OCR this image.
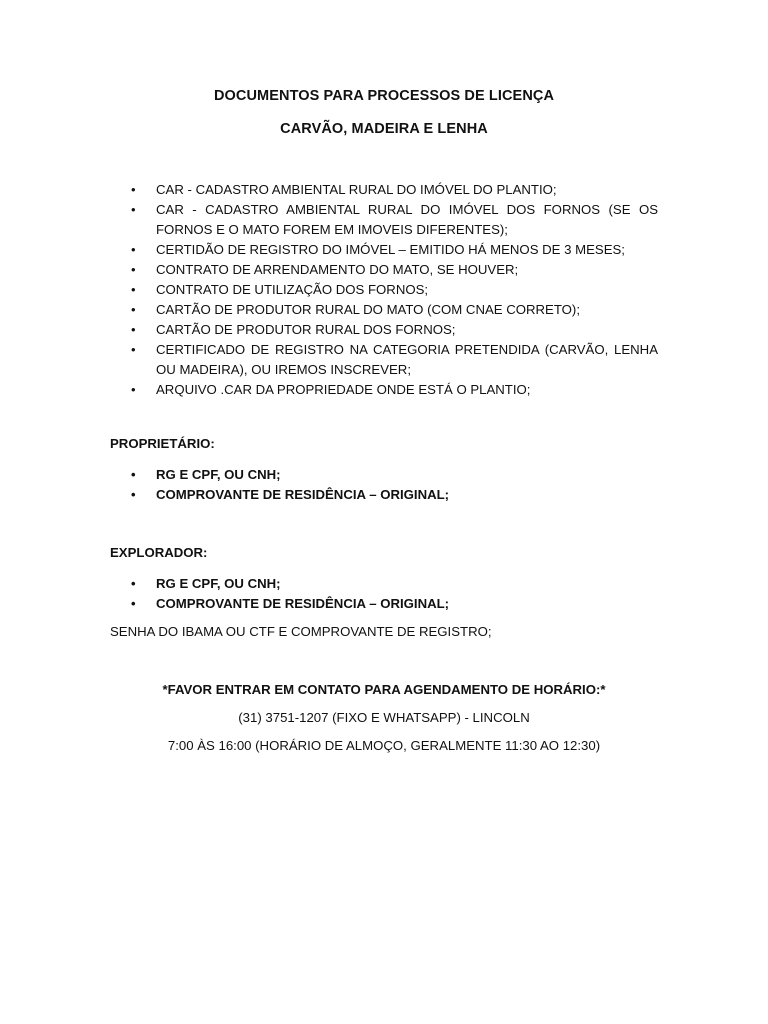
DOCUMENTOS PARA PROCESSOS DE LICENÇA
CARVÃO, MADEIRA E LENHA
• CAR - CADASTRO AMBIENTAL RURAL DO IMÓVEL DO PLANTIO;
• CAR - CADASTRO AMBIENTAL RURAL DO IMÓVEL DOS FORNOS (SE OS FORNOS E O MATO FOREM EM IMOVEIS DIFERENTES);
• CERTIDÃO DE REGISTRO DO IMÓVEL – EMITIDO HÁ MENOS DE 3 MESES;
• CONTRATO DE ARRENDAMENTO DO MATO, SE HOUVER;
• CONTRATO DE UTILIZAÇÃO DOS FORNOS;
• CARTÃO DE PRODUTOR RURAL DO MATO (COM CNAE CORRETO);
• CARTÃO DE PRODUTOR RURAL DOS FORNOS;
• CERTIFICADO DE REGISTRO NA CATEGORIA PRETENDIDA (CARVÃO, LENHA OU MADEIRA), OU IREMOS INSCREVER;
• ARQUIVO .CAR DA PROPRIEDADE ONDE ESTÁ O PLANTIO;
PROPRIETÁRIO:
• RG E CPF, OU CNH;
• COMPROVANTE DE RESIDÊNCIA – ORIGINAL;
EXPLORADOR:
• RG E CPF, OU CNH;
• COMPROVANTE DE RESIDÊNCIA – ORIGINAL;
SENHA DO IBAMA OU CTF E COMPROVANTE DE REGISTRO;
*FAVOR ENTRAR EM CONTATO PARA AGENDAMENTO DE HORÁRIO:*
(31) 3751-1207 (FIXO E WHATSAPP) - LINCOLN
7:00 ÀS 16:00 (HORÁRIO DE ALMOÇO, GERALMENTE 11:30 AO 12:30)
